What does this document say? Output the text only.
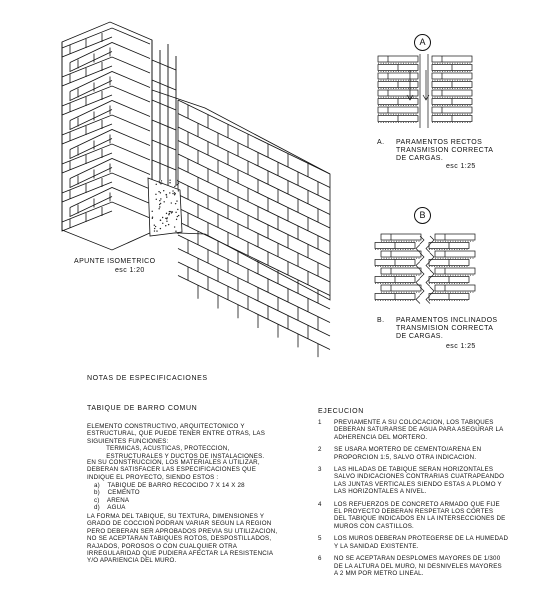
APUNTE ISOMETRICO
esc 1:20
A
A. PARAMENTOS RECTOS
TRANSMISION CORRECTA
DE CARGAS.
esc 1:25
B
B. PARAMENTOS INCLINADOS
TRANSMISION CORRECTA
DE CARGAS.
esc 1:25
NOTAS DE ESPECIFICACIONES
TABIQUE DE BARRO COMUN
ELEMENTO CONSTRUCTIVO, ARQUITECTONICO Y
ESTRUCTURAL, QUE PUEDE TENER ENTRE OTRAS, LAS
SIGUIENTES FUNCIONES:
TERMICAS, ACUSTICAS, PROTECCION,
ESTRUCTURALES Y DUCTOS DE INSTALACIONES.
EN SU CONSTRUCCION, LOS MATERIALES A UTILIZAR,
DEBERAN SATISFACER LAS ESPECIFICACIONES QUE
INDIQUE EL PROYECTO, SIENDO ESTOS :
a) TABIQUE DE BARRO RECOCIDO 7 X 14 X 28
b) CEMENTO
c) ARENA
d) AGUA
LA FORMA DEL TABIQUE, SU TEXTURA, DIMENSIONES Y
GRADO DE COCCION PODRAN VARIAR SEGUN LA REGION
PERO DEBERAN SER APROBADOS PREVIA SU UTILIZACION,
NO SE ACEPTARAN TABIQUES ROTOS, DESPOSTILLADOS,
RAJADOS, POROSOS O CON CUALQUIER OTRA
IRREGULARIDAD QUE PUDIERA AFECTAR LA RESISTENCIA
Y/O APARIENCIA DEL MURO.
EJECUCION
1	PREVIAMENTE A SU COLOCACION, LOS TABIQUES
DEBERAN SATURARSE DE AGUA PARA ASEGURAR LA
ADHERENCIA DEL MORTERO.
2	SE USARA MORTERO DE CEMENTO/ARENA EN
PROPORCION 1:5, SALVO OTRA INDICACION.
3	LAS HILADAS DE TABIQUE SERAN HORIZONTALES
SALVO INDICACIONES CONTRARIAS CUATRAPEANDO
LAS JUNTAS VERTICALES SIENDO ESTAS A PLOMO Y
LAS HORIZONTALES A NIVEL.
4	LOS REFUERZOS DE CONCRETO ARMADO QUE FIJE
EL PROYECTO DEBERAN RESPETAR LOS CORTES
DEL TABIQUE INDICADOS EN LA INTERSECCIONES DE
MUROS CON CASTILLOS.
5	LOS MUROS DEBERAN PROTEGERSE DE LA HUMEDAD
Y LA SANIDAD EXISTENTE.
6	NO SE ACEPTARAN DESPLOMES MAYORES DE 1/300
DE LA ALTURA DEL MURO, NI DESNIVELES MAYORES
A 2 MM POR METRO LINEAL.
